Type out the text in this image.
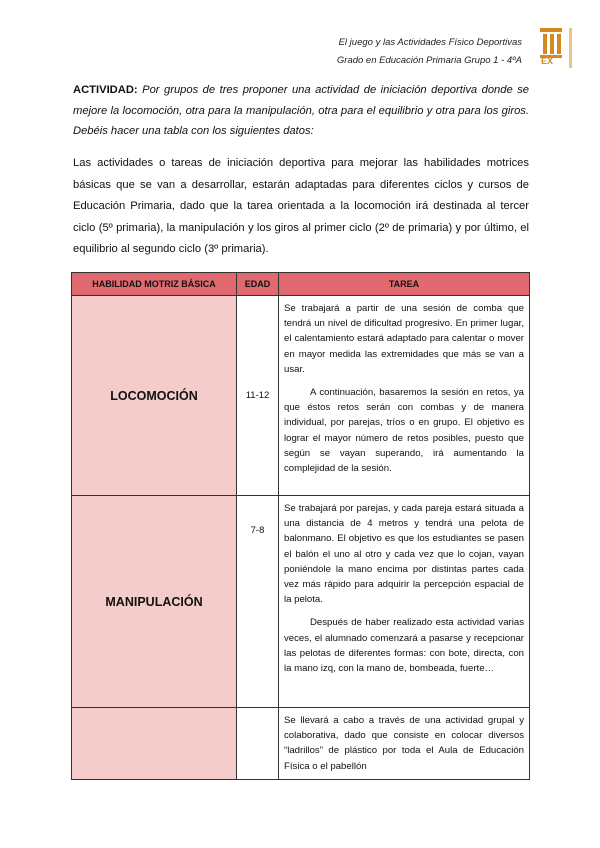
El juego y las Actividades Físico Deportivas
Grado en Educación Primaria Grupo 1 - 4ºA EX
ACTIVIDAD: Por grupos de tres proponer una actividad de iniciación deportiva donde se mejore la locomoción, otra para la manipulación, otra para el equilibrio y otra para los giros. Debéis hacer una tabla con los siguientes datos:
Las actividades o tareas de iniciación deportiva para mejorar las habilidades motrices básicas que se van a desarrollar, estarán adaptadas para diferentes ciclos y cursos de Educación Primaria, dado que la tarea orientada a la locomoción irá destinada al tercer ciclo (5º primaria), la manipulación y los giros al primer ciclo (2º de primaria) y por último, el equilibrio al segundo ciclo (3º primaria).
HABILIDAD MOTRIZ BÁSICA	EDAD	TAREA
LOCOMOCIÓN	11-12	Se trabajará a partir de una sesión de comba que tendrá un nivel de dificultad progresivo. En primer lugar, el calentamiento estará adaptado para calentar o mover en mayor medida las extremidades que más se van a usar.

A continuación, basaremos la sesión en retos, ya que éstos retos serán con combas y de manera individual, por parejas, tríos o en grupo. El objetivo es lograr el mayor número de retos posibles, puesto que según se vayan superando, irá aumentando la complejidad de la sesión.

MANIPULACIÓN	7-8	Se trabajará por parejas, y cada pareja estará situada a una distancia de 4 metros y tendrá una pelota de balonmano. El objetivo es que los estudiantes se pasen el balón el uno al otro y cada vez que lo cojan, vayan poniéndole la mano encima por distintas partes cada vez más rápido para adquirir la percepción espacial de la pelota.

Después de haber realizado esta actividad varias veces, el alumnado comenzará a pasarse y recepcionar las pelotas de diferentes formas: con bote, directa, con la mano izq, con la mano de, bombeada, fuerte…

		Se llevará a cabo a través de una actividad grupal y colaborativa, dado que consiste en colocar diversos “ladrillos” de plástico por toda el Aula de Educación Física o el pabellón
